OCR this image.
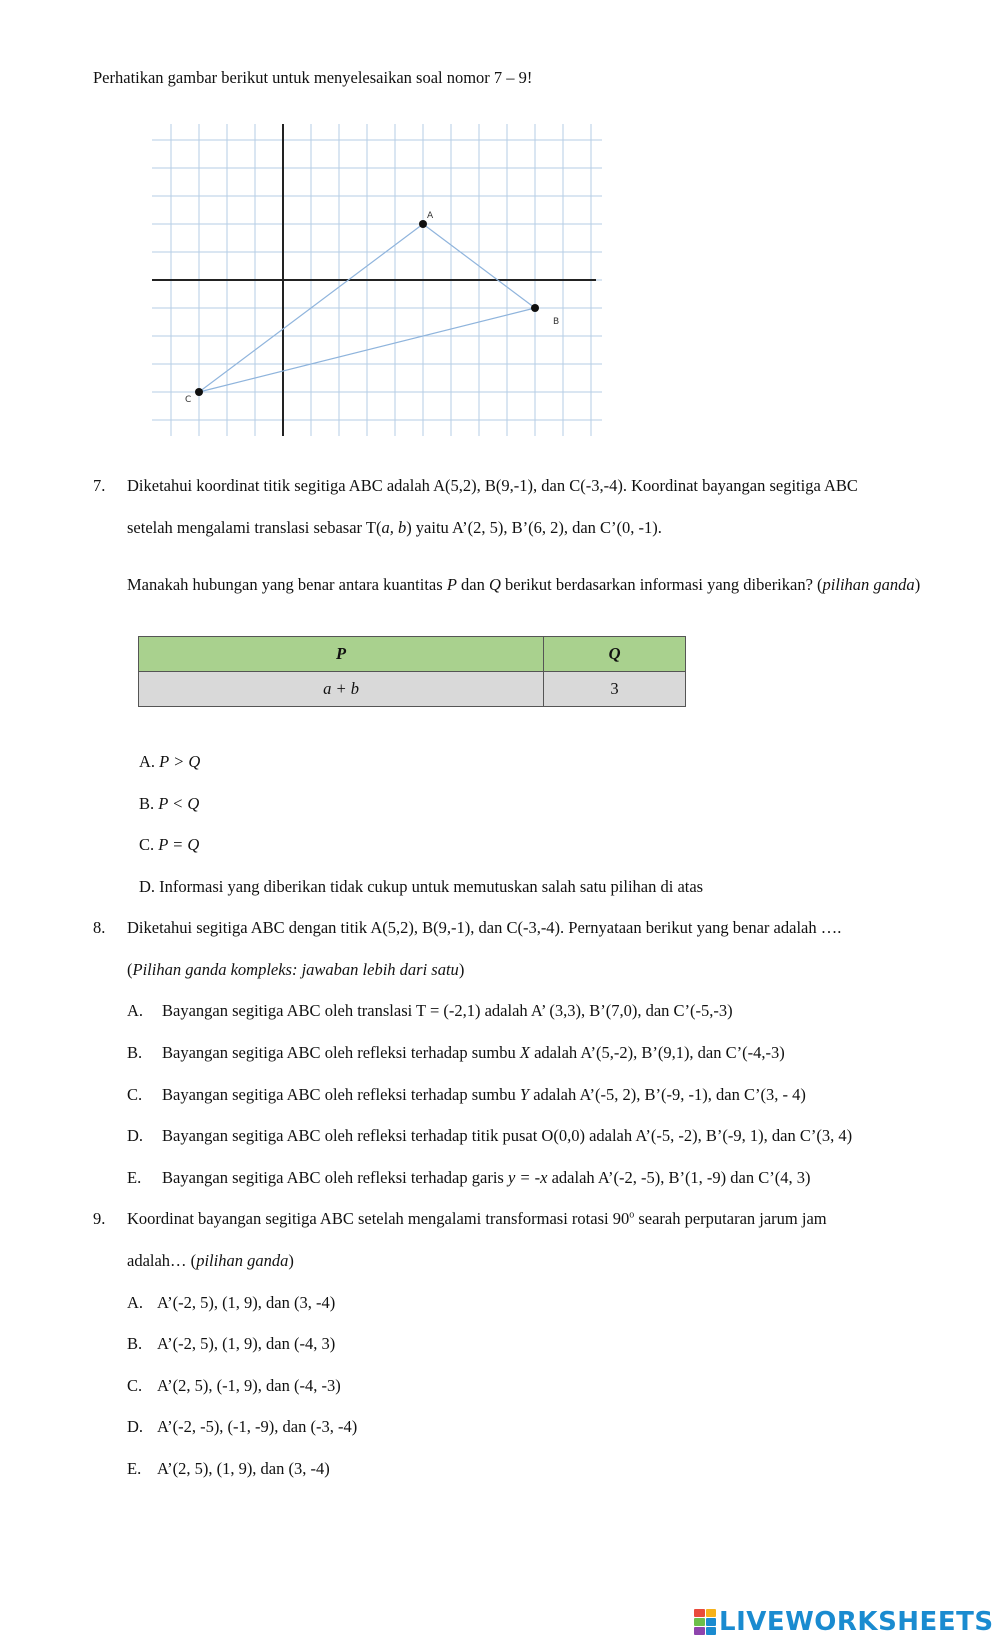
Perhatikan gambar berikut untuk menyelesaikan soal nomor 7 – 9!
A
B
C
7. Diketahui koordinat titik segitiga ABC adalah A(5,2), B(9,-1), dan C(-3,-4). Koordinat bayangan segitiga ABC
setelah mengalami translasi sebasar T(a, b) yaitu A’(2, 5), B’(6, 2), dan C’(0, -1).
Manakah hubungan yang benar antara kuantitas P dan Q berikut berdasarkan informasi yang diberikan? (pilihan ganda)
P	Q
a + b	3
A. P > Q
B. P < Q
C. P = Q
D. Informasi yang diberikan tidak cukup untuk memutuskan salah satu pilihan di atas
8. Diketahui segitiga ABC dengan titik A(5,2), B(9,-1), dan C(-3,-4). Pernyataan berikut yang benar adalah ….
(Pilihan ganda kompleks: jawaban lebih dari satu)
A. Bayangan segitiga ABC oleh translasi T = (-2,1) adalah A’ (3,3), B’(7,0), dan C’(-5,-3)
B. Bayangan segitiga ABC oleh refleksi terhadap sumbu X adalah A’(5,-2), B’(9,1), dan C’(-4,-3)
C. Bayangan segitiga ABC oleh refleksi terhadap sumbu Y adalah A’(-5, 2), B’(-9, -1), dan C’(3, - 4)
D. Bayangan segitiga ABC oleh refleksi terhadap titik pusat O(0,0) adalah A’(-5, -2), B’(-9, 1), dan C’(3, 4)
E. Bayangan segitiga ABC oleh refleksi terhadap garis y = -x adalah A’(-2, -5), B’(1, -9) dan C’(4, 3)
9. Koordinat bayangan segitiga ABC setelah mengalami transformasi rotasi 90$^o$ searah perputaran jarum jam
adalah… (pilihan ganda)
A. A’(-2, 5), (1, 9), dan (3, -4)
B. A’(-2, 5), (1, 9), dan (-4, 3)
C. A’(2, 5), (-1, 9), dan (-4, -3)
D. A’(-2, -5), (-1, -9), dan (-3, -4)
E. A’(2, 5), (1, 9), dan (3, -4)
LIVEWORKSHEETS
